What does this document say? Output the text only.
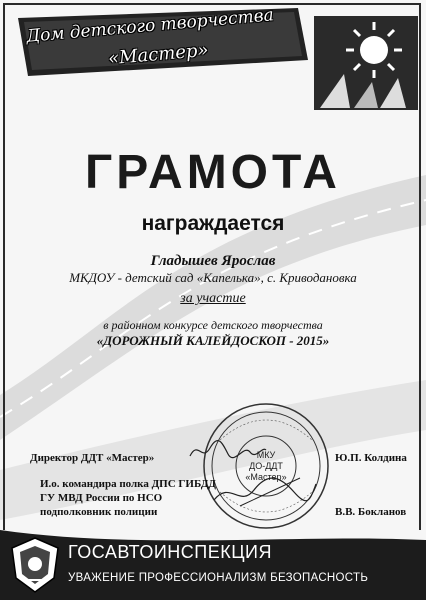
Дом детского творчества
«Мастер»
ГРАМОТА
награждается
Гладышев Ярослав
МКДОУ - детский сад «Капелька», с. Криводановка
за участие
в районном конкурсе детского творчества
«ДОРОЖНЫЙ КАЛЕЙДОСКОП - 2015»
МКУ
ДО-ДДТ
«Мастер»
Директор ДДТ «Мастер»	Ю.П. Колдина
И.о. командира полка ДПС ГИБДД
ГУ МВД России по НСО
подполковник полиции	В.В. Бокланов
ГОСАВТОИНСПЕКЦИЯ
УВАЖЕНИЕ ПРОФЕССИОНАЛИЗМ БЕЗОПАСНОСТЬ
